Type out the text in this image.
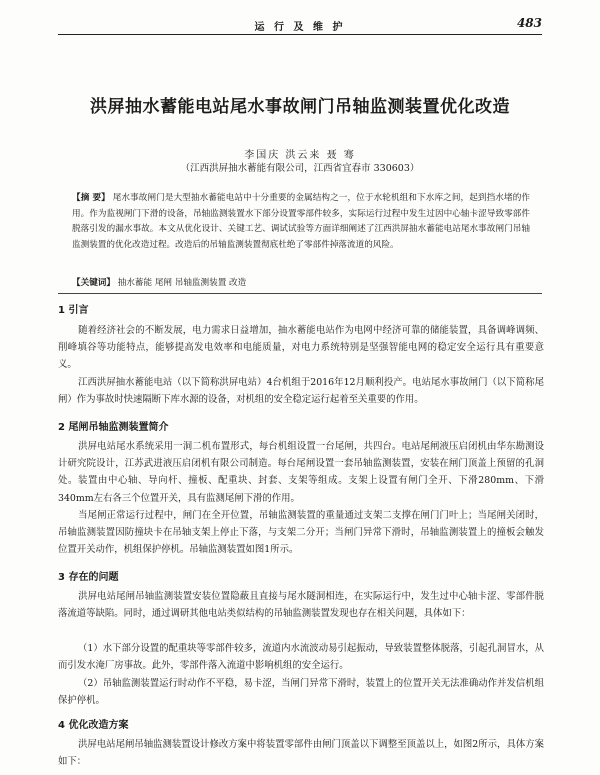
运 行 及 维 护	483
洪屏抽水蓄能电站尾水事故闸门吊轴监测装置优化改造
李国庆 洪云来 聂 骞
（江西洪屏抽水蓄能有限公司，江西省宜春市 330603）
【摘 要】 尾水事故闸门是大型抽水蓄能电站中十分重要的金属结构之一，位于水轮机组和下水库之间，起到挡水堵的作用。作为监视闸门下滑的设备，吊轴监测装置水下部分设置零部件较多，实际运行过程中发生过因中心轴卡涩导致零部件脱落引发的漏水事故。本文从优化设计、关键工艺、调试试验等方面详细阐述了江西洪屏抽水蓄能电站尾水事故闸门吊轴监测装置的优化改造过程。改造后的吊轴监测装置彻底杜绝了零部件掉落流道的风险。
【关键词】 抽水蓄能 尾闸 吊轴监测装置 改造
1 引言
随着经济社会的不断发展，电力需求日益增加，抽水蓄能电站作为电网中经济可靠的储能装置，具备调峰调频、削峰填谷等功能特点，能够提高发电效率和电能质量，对电力系统特别是坚强智能电网的稳定安全运行具有重要意义。
江西洪屏抽水蓄能电站（以下简称洪屏电站）4台机组于2016年12月顺利投产。电站尾水事故闸门（以下简称尾闸）作为事故时快速隔断下库水源的设备，对机组的安全稳定运行起着至关重要的作用。
2 尾闸吊轴监测装置简介
洪屏电站尾水系统采用一洞二机布置形式，每台机组设置一台尾闸，共四台。电站尾闸液压启闭机由华东勘测设计研究院设计，江苏武进液压启闭机有限公司制造。每台尾闸设置一套吊轴监测装置，安装在闸门顶盖上预留的孔洞处。装置由中心轴、导向杆、撞板、配重块、封套、支架等组成。支架上设置有闸门全开、下滑280mm、下滑340mm左右各三个位置开关，具有监测尾闸下滑的作用。
当尾闸正常运行过程中，闸门在全开位置，吊轴监测装置的重量通过支架二支撑在闸门门叶上；当尾闸关闭时，吊轴监测装置因防撞块卡在吊轴支架上停止下落，与支架二分开；当闸门异常下滑时，吊轴监测装置上的撞板会触发位置开关动作，机组保护停机。吊轴监测装置如图1所示。
3 存在的问题
洪屏电站尾闸吊轴监测装置安装位置隐蔽且直接与尾水隧洞相连，在实际运行中，发生过中心轴卡涩、零部件脱落流道等缺陷。同时，通过调研其他电站类似结构的吊轴监测装置发现也存在相关问题，具体如下：
（1）水下部分设置的配重块等零部件较多，流道内水流波动易引起振动，导致装置整体脱落，引起孔洞冒水，从而引发水淹厂房事故。此外，零部件落入流道中影响机组的安全运行。
（2）吊轴监测装置运行时动作不平稳，易卡涩，当闸门异常下滑时，装置上的位置开关无法准确动作并发信机组保护停机。
4 优化改造方案
洪屏电站尾闸吊轴监测装置设计修改方案中将装置零部件由闸门顶盖以下调整至顶盖以上，如图2所示，具体方案如下：
